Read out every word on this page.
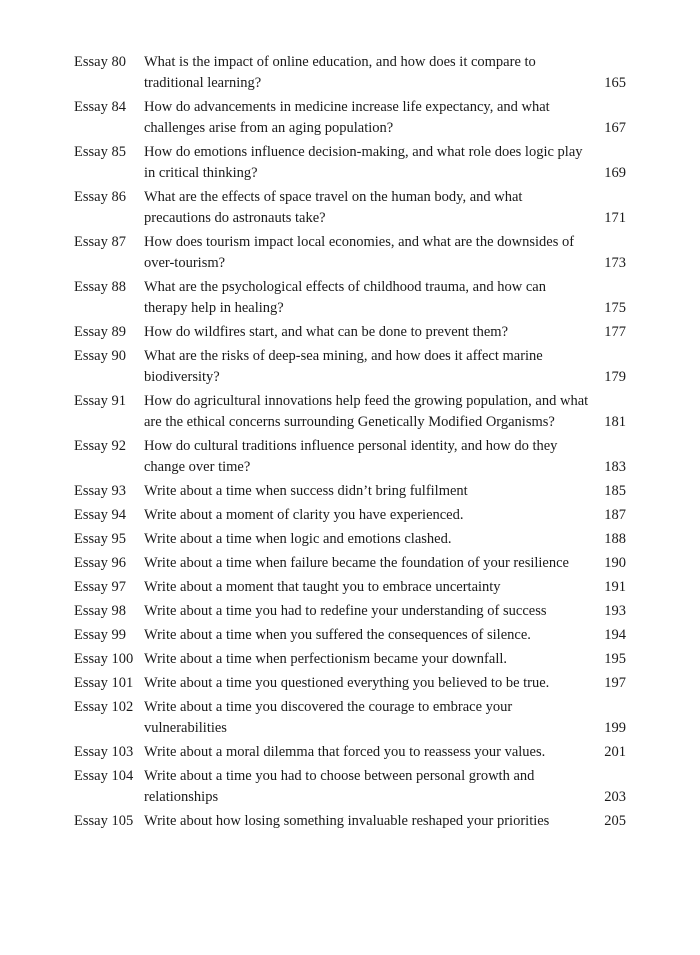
Essay 80	What is the impact of online education, and how does it compare to traditional learning?	165
Essay 84	How do advancements in medicine increase life expectancy, and what challenges arise from an aging population?	167
Essay 85	How do emotions influence decision-making, and what role does logic play in critical thinking?	169
Essay 86	What are the effects of space travel on the human body, and what precautions do astronauts take?	171
Essay 87	How does tourism impact local economies, and what are the downsides of over-tourism?	173
Essay 88	What are the psychological effects of childhood trauma, and how can therapy help in healing?	175
Essay 89	How do wildfires start, and what can be done to prevent them?	177
Essay 90	What are the risks of deep-sea mining, and how does it affect marine biodiversity?	179
Essay 91	How do agricultural innovations help feed the growing population, and what are the ethical concerns surrounding Genetically Modified Organisms?	181
Essay 92	How do cultural traditions influence personal identity, and how do they change over time?	183
Essay 93	Write about a time when success didn’t bring fulfilment	185
Essay 94	Write about a moment of clarity you have experienced.	187
Essay 95	Write about a time when logic and emotions clashed.	188
Essay 96	Write about a time when failure became the foundation of your resilience	190
Essay 97	Write about a moment that taught you to embrace uncertainty	191
Essay 98	Write about a time you had to redefine your understanding of success	193
Essay 99	Write about a time when you suffered the consequences of silence.	194
Essay 100 Write about a time when perfectionism became your downfall.	195
Essay 101 Write about a time you questioned everything you believed to be true.	197
Essay 102 Write about a time you discovered the courage to embrace your vulnerabilities	199
Essay 103 Write about a moral dilemma that forced you to reassess your values.	201
Essay 104 Write about a time you had to choose between personal growth and relationships	203
Essay 105 Write about how losing something invaluable reshaped your priorities	205
